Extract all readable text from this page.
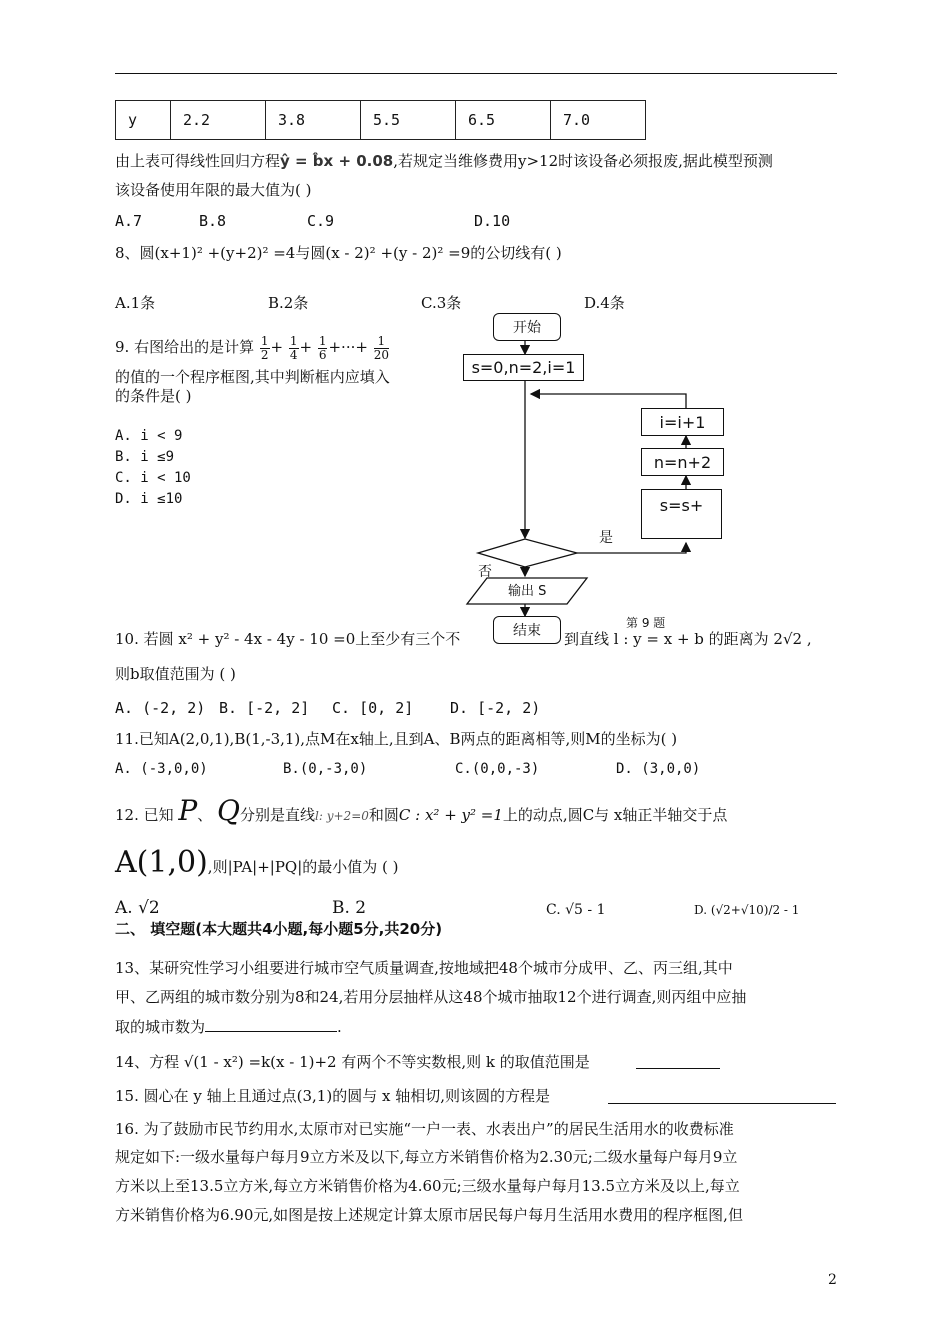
y	2.2	3.8	5.5	6.5	7.0
由上表可得线性回归方程ŷ = b̂x + 0.08,若规定当维修费用y>12时该设备必须报废,据此模型预测
该设备使用年限的最大值为( )
A.7	B.8	C.9	D.10
8、圆(x+1)² +(y+2)² =4与圆(x - 2)² +(y - 2)² =9的公切线有( )
A.1条	B.2条	C.3条	D.4条
9. 右图给出的是计算 $\frac{1}{2} + \frac{1}{4} + \frac{1}{6}$ +···+ $\frac{1}{20}$
的值的一个程序框图,其中判断框内应填入
的条件是( )
A. i < 9
B. i ≤9
C. i < 10
D. i ≤10
开始
s=0,n=2,i=1
i=i+1
n=n+2
s=s+
是
否
输出 S
结束	第 9 题
10. 若圆 x² + y² - 4x - 4y - 10 =0上至少有三个不	到直线 l : y = x + b 的距离为 2√2 ,
则b取值范围为 ( )
A. (-2, 2) B. [-2, 2] C. [0, 2] D. [-2, 2)
11.已知A(2,0,1),B(1,-3,1),点M在x轴上,且到A、B两点的距离相等,则M的坐标为( )
A. (-3,0,0)	B.(0,-3,0)	C.(0,0,-3)	D. (3,0,0)
12. 已知 P、 Q分别是直线l: y+2=0和圆C : x² + y² =1上的动点,圆C与 x轴正半轴交于点
A(1,0),则|PA|+|PQ|的最小值为 ( )
A. √2	B. 2	C. √5 - 1	D. (√2+√10)/2 - 1
二、 填空题(本大题共4小题,每小题5分,共20分)
13、某研究性学习小组要进行城市空气质量调查,按地域把48个城市分成甲、乙、丙三组,其中
甲、乙两组的城市数分别为8和24,若用分层抽样从这48个城市抽取12个进行调查,则丙组中应抽
取的城市数为	.
14、方程 √(1 - x²) =k(x - 1)+2 有两个不等实数根,则 k 的取值范围是
15. 圆心在 y 轴上且通过点(3,1)的圆与 x 轴相切,则该圆的方程是
16. 为了鼓励市民节约用水,太原市对已实施“一户一表、水表出户”的居民生活用水的收费标准
规定如下:一级水量每户每月9立方米及以下,每立方米销售价格为2.30元;二级水量每户每月9立
方米以上至13.5立方米,每立方米销售价格为4.60元;三级水量每户每月13.5立方米及以上,每立
方米销售价格为6.90元,如图是按上述规定计算太原市居民每户每月生活用水费用的程序框图,但
2
